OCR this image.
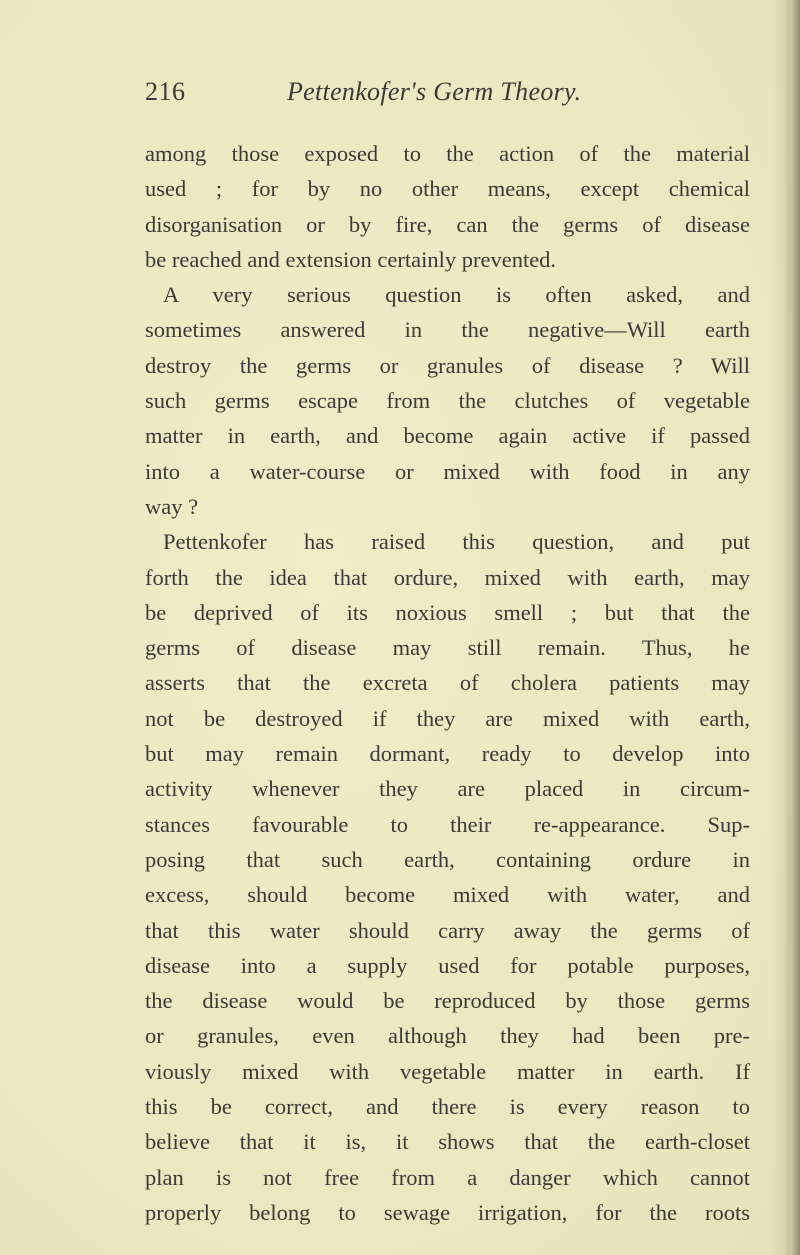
216	Pettenkofer's Germ Theory.
among those exposed to the action of the material
used ; for by no other means, except chemical
disorganisation or by fire, can the germs of disease
be reached and extension certainly prevented.
A very serious question is often asked, and
sometimes answered in the negative—Will earth
destroy the germs or granules of disease ? Will
such germs escape from the clutches of vegetable
matter in earth, and become again active if passed
into a water-course or mixed with food in any
way ?
Pettenkofer has raised this question, and put
forth the idea that ordure, mixed with earth, may
be deprived of its noxious smell ; but that the
germs of disease may still remain. Thus, he
asserts that the excreta of cholera patients may
not be destroyed if they are mixed with earth,
but may remain dormant, ready to develop into
activity whenever they are placed in circum-
stances favourable to their re-appearance. Sup-
posing that such earth, containing ordure in
excess, should become mixed with water, and
that this water should carry away the germs of
disease into a supply used for potable purposes,
the disease would be reproduced by those germs
or granules, even although they had been pre-
viously mixed with vegetable matter in earth. If
this be correct, and there is every reason to
believe that it is, it shows that the earth-closet
plan is not free from a danger which cannot
properly belong to sewage irrigation, for the roots
